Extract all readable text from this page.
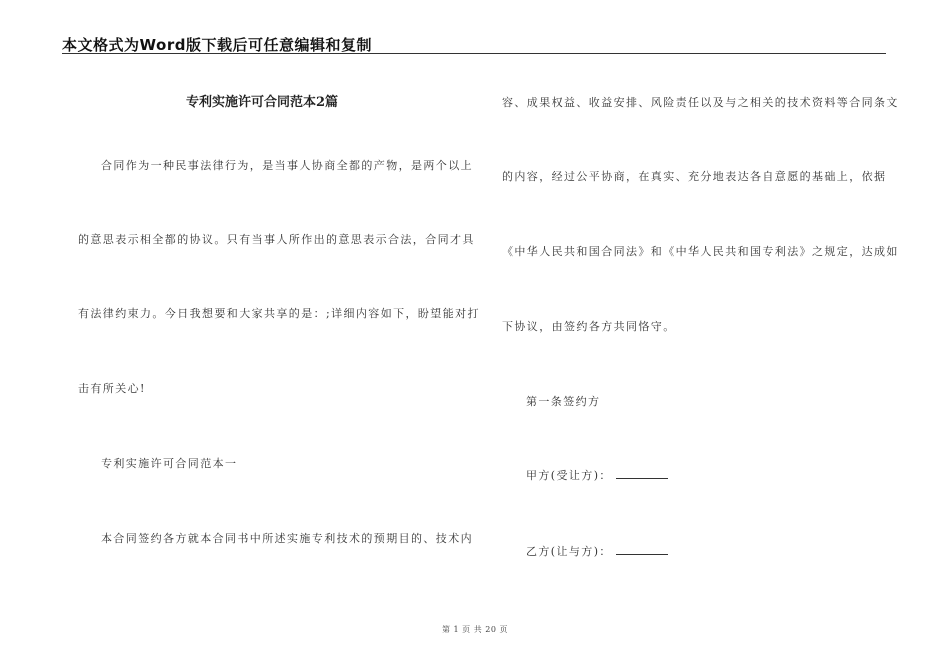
本文格式为Word版下载后可任意编辑和复制
专利实施许可合同范本2篇
合同作为一种民事法律行为，是当事人协商全都的产物，是两个以上
的意思表示相全都的协议。只有当事人所作出的意思表示合法，合同才具
有法律约束力。今日我想要和大家共享的是：;详细内容如下，盼望能对打
击有所关心!
专利实施许可合同范本一
本合同签约各方就本合同书中所述实施专利技术的预期目的、技术内
容、成果权益、收益安排、风险责任以及与之相关的技术资料等合同条文
的内容，经过公平协商，在真实、充分地表达各自意愿的基础上，依据
《中华人民共和国合同法》和《中华人民共和国专利法》之规定，达成如
下协议，由签约各方共同恪守。
第一条签约方
甲方(受让方)：
乙方(让与方)：
第 1 页 共 20 页
